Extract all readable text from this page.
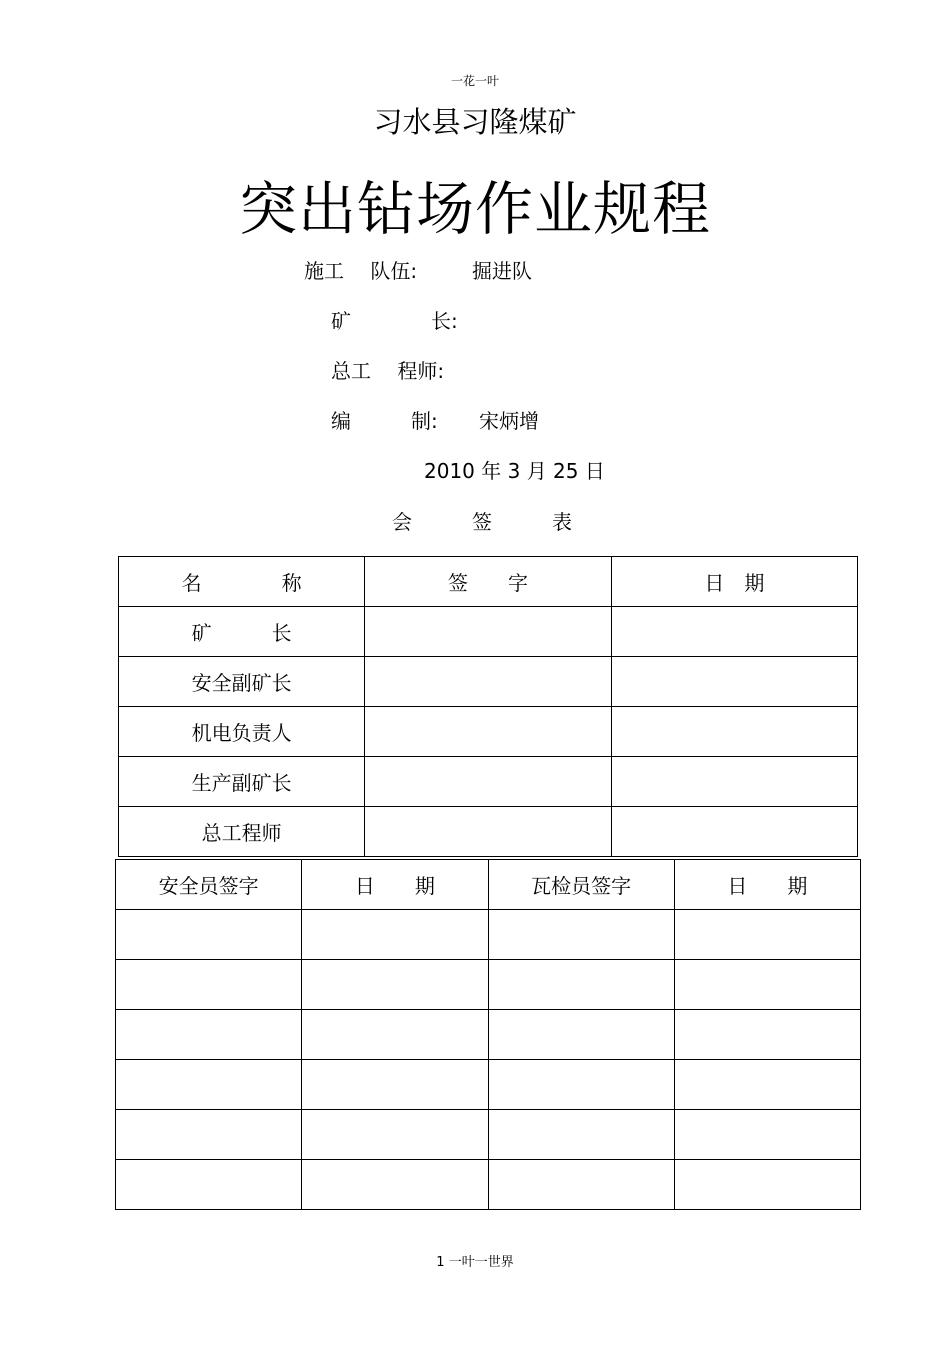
一花一叶
习水县习隆煤矿
突出钻场作业规程
施工　 队伍:	掘进队
矿　　　　长:
总工　 程师:
编　　　制: 宋炳增
2010 年 3 月 25 日
会　　　签　　　表
名　　　　称	签　　字	日　期
矿　　　长		
安全副矿长		
机电负责人		
生产副矿长		
总工程师		
安全员签字	日　　期	瓦检员签字	日　　期

1 一叶一世界
